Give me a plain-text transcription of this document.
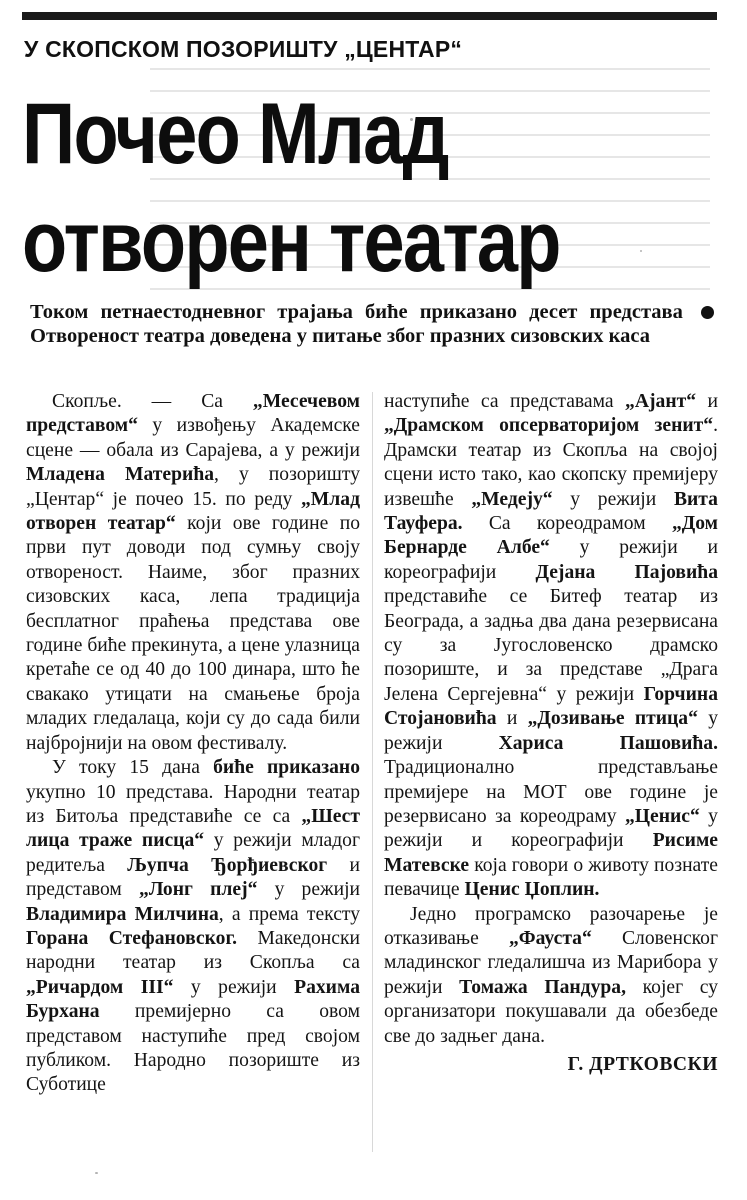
У СКОПСКОМ ПОЗОРИШТУ „ЦЕНТАР“
Почео Млад
отворен театар
Током петнаестодневног трајања биће приказано десет представа  Отвореност театра доведена у питање због празних сизовских каса

Скопље. — Са „Месечевом представом“ у извођењу Академске сцене — обала из Сарајева, а у режији Младена Матерића, у позоришту „Центар“ је почео 15. по реду „Млад отворен театар“ који ове године по први пут доводи под сумњу своју отвореност. Наиме, због празних сизовских каса, лепа традиција бесплатног праћења представа ове године биће прекинута, а цене улазница кретаће се од 40 до 100 динара, што ће свакако утицати на смањење броја младих гледалаца, који су до сада били најбројнији на овом фестивалу.

У току 15 дана биће приказано укупно 10 представа. Народни театар из Битоља представиће се са „Шест лица траже писца“ у режији младог редитеља Љупча Ђорђиевског и представом „Лонг плеј“ у режији Владимира Милчина, а према тексту Горана Стефановског. Македонски народни театар из Скопља са „Ричардом III“ у режији Рахима Бурхана премијерно са овом представом наступиће пред својом публиком. Народно позориште из Суботице

наступиће са представама „Ајант“ и „Драмском опсерваторијом зенит“. Драмски театар из Скопља на својој сцени исто тако, као скопску премијеру извешће „Медеју“ у режији Вита Тауфера. Са кореодрамом „Дом Бернарде Албе“ у режији и кореографији Дејана Пајовића представиће се Битеф театар из Београда, а задња два дана резервисана су за Југословенско драмско позориште, и за представе „Драга Јелена Сергејевна“ у режији Горчина Стојановића и „Дозивање птица“ у режији Хариса Пашовића. Традиционално представљање премијере на МОТ ове године је резервисано за кореодраму „Ценис“ у режији и кореографији Рисиме Матевске која говори о животу познате певачице Ценис Џоплин.

Једно програмско разочарење је отказивање „Фауста“ Словенског младинског гледалишча из Марибора у режији Томажа Пандура, којег су организатори покушавали да обезбеде све до задњег дана.

Г. ДРТКОВСКИ
